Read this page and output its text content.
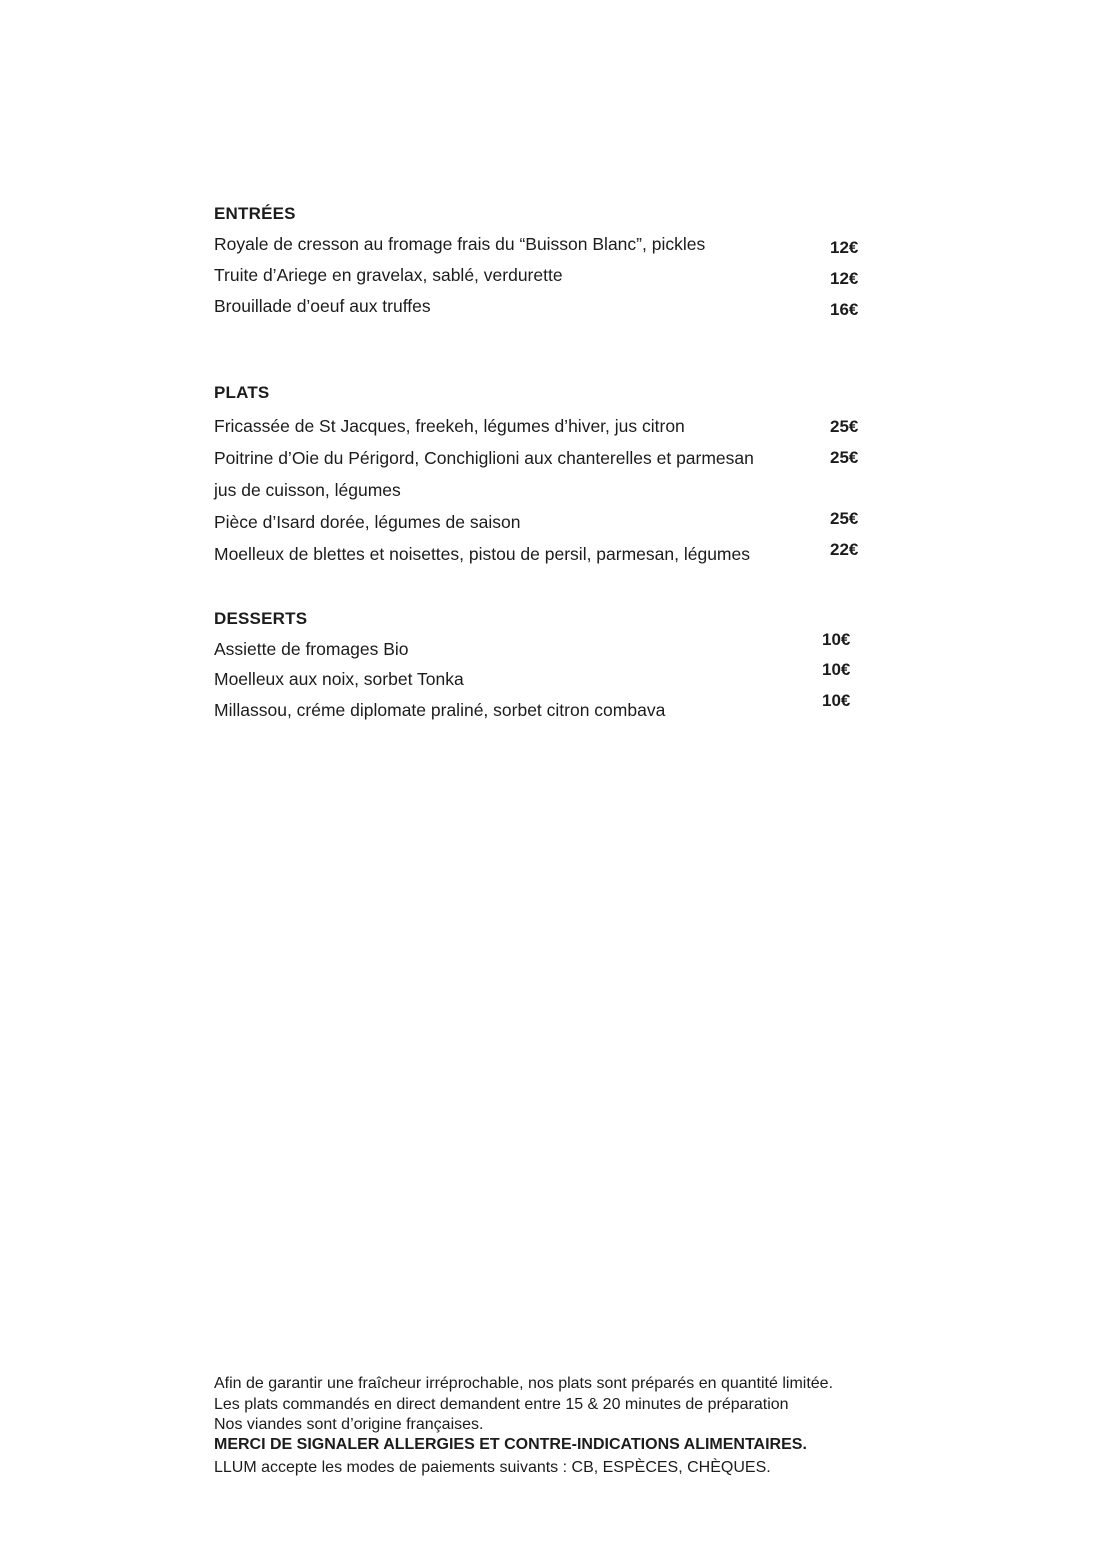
ENTRÉES
Royale de cresson au fromage frais du “Buisson Blanc”, pickles	12€
Truite d’Ariege en gravelax, sablé, verdurette	12€
Brouillade d’oeuf aux truffes	16€
PLATS
Fricassée de St Jacques, freekeh, légumes d’hiver, jus citron	25€
Poitrine d’Oie du Périgord, Conchiglioni aux chanterelles et parmesan	25€
jus de cuisson, légumes
Pièce d’Isard dorée, légumes de saison	25€
Moelleux de blettes et noisettes, pistou de persil, parmesan, légumes	22€
DESSERTS
Assiette de fromages Bio	10€
Moelleux aux noix, sorbet Tonka	10€
Millassou, créme diplomate praliné, sorbet citron combava	10€
Afin de garantir une fraîcheur irréprochable, nos plats sont préparés en quantité limitée.
Les plats commandés en direct demandent entre 15 & 20 minutes de préparation
Nos viandes sont d’origine françaises.
MERCI DE SIGNALER ALLERGIES ET CONTRE-INDICATIONS ALIMENTAIRES.
LLUM accepte les modes de paiements suivants : CB, ESPÈCES, CHÈQUES.
